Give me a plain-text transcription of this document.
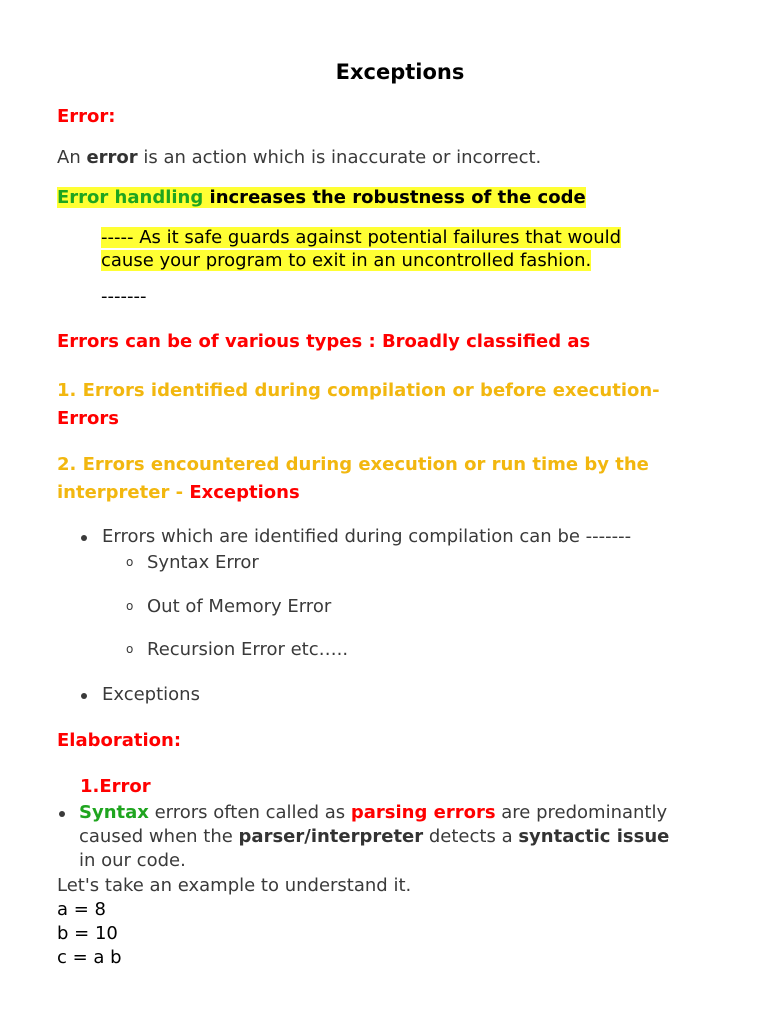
Exceptions
Error:
An error is an action which is inaccurate or incorrect.
Error handling increases the robustness of the code
----- As it safe guards against potential failures that would
cause your program to exit in an uncontrolled fashion.
-------
Errors can be of various types : Broadly classified as
1. Errors identified during compilation or before execution-
Errors
2. Errors encountered during execution or run time by the
interpreter - Exceptions
Errors which are identified during compilation can be -------
o Syntax Error
o Out of Memory Error
o Recursion Error etc…..
Exceptions
Elaboration:
1.Error
Syntax errors often called as parsing errors are predominantly
caused when the parser/interpreter detects a syntactic issue
in our code.
Let's take an example to understand it.
a = 8
b = 10
c = a b
